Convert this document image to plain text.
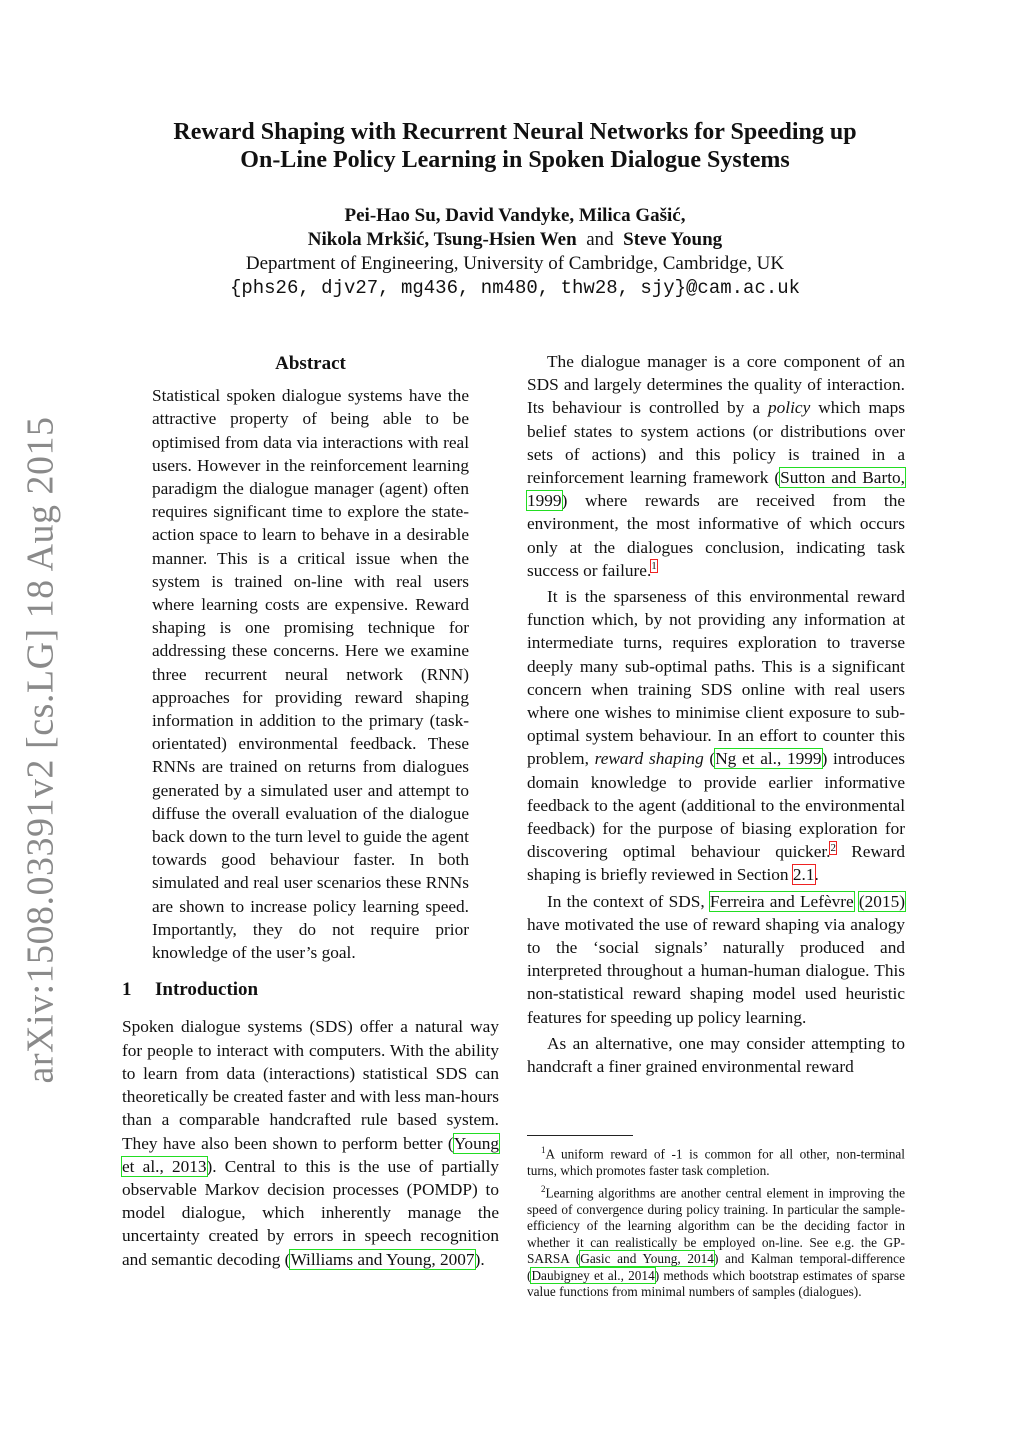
arXiv:1508.03391v2 [cs.LG] 18 Aug 2015
Reward Shaping with Recurrent Neural Networks for Speeding up
On-Line Policy Learning in Spoken Dialogue Systems
Pei-Hao Su, David Vandyke, Milica Gašić,
Nikola Mrkšić, Tsung-Hsien Wen and Steve Young
Department of Engineering, University of Cambridge, Cambridge, UK
{phs26, djv27, mg436, nm480, thw28, sjy}@cam.ac.uk
Abstract

Statistical spoken dialogue systems have the attractive property of being able to be optimised from data via interactions with real users. However in the reinforcement learning paradigm the dialogue manager (agent) often requires significant time to explore the state-action space to learn to behave in a desirable manner. This is a critical issue when the system is trained on-line with real users where learning costs are expensive. Reward shaping is one promising technique for addressing these concerns. Here we examine three recurrent neural network (RNN) approaches for providing reward shaping information in addition to the primary (task-orientated) environmental feedback. These RNNs are trained on returns from dialogues generated by a simulated user and attempt to diffuse the overall evaluation of the dialogue back down to the turn level to guide the agent towards good behaviour faster. In both simulated and real user scenarios these RNNs are shown to increase policy learning speed. Importantly, they do not require prior knowledge of the user’s goal.

1 Introduction

Spoken dialogue systems (SDS) offer a natural way for people to interact with computers. With the ability to learn from data (interactions) statistical SDS can theoretically be created faster and with less man-hours than a comparable handcrafted rule based system. They have also been shown to perform better (Young et al., 2013). Central to this is the use of partially observable Markov decision processes (POMDP) to model dialogue, which inherently manage the uncertainty created by errors in speech recognition and semantic decoding (Williams and Young, 2007).

The dialogue manager is a core component of an SDS and largely determines the quality of interaction. Its behaviour is controlled by a policy which maps belief states to system actions (or distributions over sets of actions) and this policy is trained in a reinforcement learning framework (Sutton and Barto, 1999) where rewards are received from the environment, the most informative of which occurs only at the dialogues conclusion, indicating task success or failure.$^1$

It is the sparseness of this environmental reward function which, by not providing any information at intermediate turns, requires exploration to traverse deeply many sub-optimal paths. This is a significant concern when training SDS online with real users where one wishes to minimise client exposure to sub-optimal system behaviour. In an effort to counter this problem, reward shaping (Ng et al., 1999) introduces domain knowledge to provide earlier informative feedback to the agent (additional to the environmental feedback) for the purpose of biasing exploration for discovering optimal behaviour quicker.$^2$ Reward shaping is briefly reviewed in Section 2.1.

In the context of SDS, Ferreira and Lefèvre (2015) have motivated the use of reward shaping via analogy to the ‘social signals’ naturally produced and interpreted throughout a human-human dialogue. This non-statistical reward shaping model used heuristic features for speeding up policy learning.

As an alternative, one may consider attempting to handcraft a finer grained environmental reward

$^1$A uniform reward of -1 is common for all other, non-terminal turns, which promotes faster task completion.

$^2$Learning algorithms are another central element in improving the speed of convergence during policy training. In particular the sample-efficiency of the learning algorithm can be the deciding factor in whether it can realistically be employed on-line. See e.g. the GP-SARSA (Gasic and Young, 2014) and Kalman temporal-difference (Daubigney et al., 2014) methods which bootstrap estimates of sparse value functions from minimal numbers of samples (dialogues).
